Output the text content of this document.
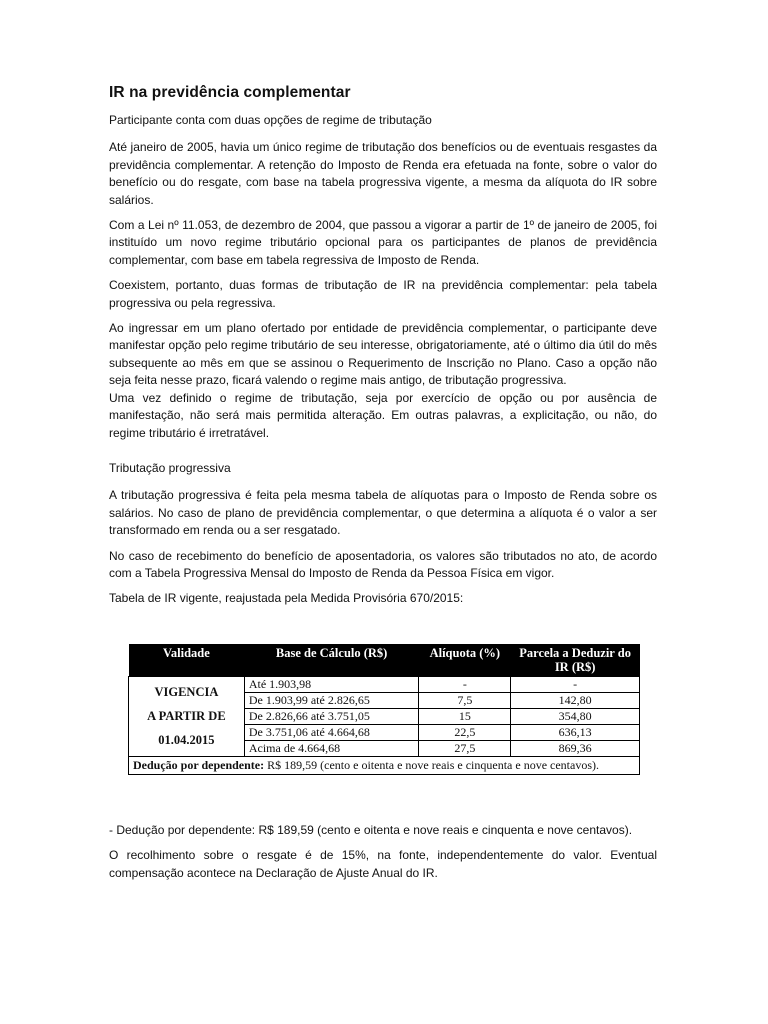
IR na previdência complementar

Participante conta com duas opções de regime de tributação

Até janeiro de 2005, havia um único regime de tributação dos benefícios ou de eventuais resgastes da previdência complementar. A retenção do Imposto de Renda era efetuada na fonte, sobre o valor do benefício ou do resgate, com base na tabela progressiva vigente, a mesma da alíquota do IR sobre salários.

Com a Lei nº 11.053, de dezembro de 2004, que passou a vigorar a partir de 1º de janeiro de 2005, foi instituído um novo regime tributário opcional para os participantes de planos de previdência complementar, com base em tabela regressiva de Imposto de Renda.

Coexistem, portanto, duas formas de tributação de IR na previdência complementar: pela tabela progressiva ou pela regressiva.

Ao ingressar em um plano ofertado por entidade de previdência complementar, o participante deve manifestar opção pelo regime tributário de seu interesse, obrigatoriamente, até o último dia útil do mês subsequente ao mês em que se assinou o Requerimento de Inscrição no Plano. Caso a opção não seja feita nesse prazo, ficará valendo o regime mais antigo, de tributação progressiva.

Uma vez definido o regime de tributação, seja por exercício de opção ou por ausência de manifestação, não será mais permitida alteração. Em outras palavras, a explicitação, ou não, do regime tributário é irretratável.

Tributação progressiva

A tributação progressiva é feita pela mesma tabela de alíquotas para o Imposto de Renda sobre os salários. No caso de plano de previdência complementar, o que determina a alíquota é o valor a ser transformado em renda ou a ser resgatado.

No caso de recebimento do benefício de aposentadoria, os valores são tributados no ato, de acordo com a Tabela Progressiva Mensal do Imposto de Renda da Pessoa Física em vigor.

Tabela de IR vigente, reajustada pela Medida Provisória 670/2015:

Validade	Base de Cálculo (R$)	Alíquota (%)	Parcela a Deduzir do IR (R$)
VIGENCIA	Até 1.903,98	-	-
	De 1.903,99 até 2.826,65	7,5	142,80
A PARTIR DE	De 2.826,66 até 3.751,05	15	354,80
01.04.2015	De 3.751,06 até 4.664,68	22,5	636,13
	Acima de 4.664,68	27,5	869,36
Dedução por dependente: R$ 189,59 (cento e oitenta e nove reais e cinquenta e nove centavos).			

- Dedução por dependente: R$ 189,59 (cento e oitenta e nove reais e cinquenta e nove centavos).

O recolhimento sobre o resgate é de 15%, na fonte, independentemente do valor. Eventual compensação acontece na Declaração de Ajuste Anual do IR.
